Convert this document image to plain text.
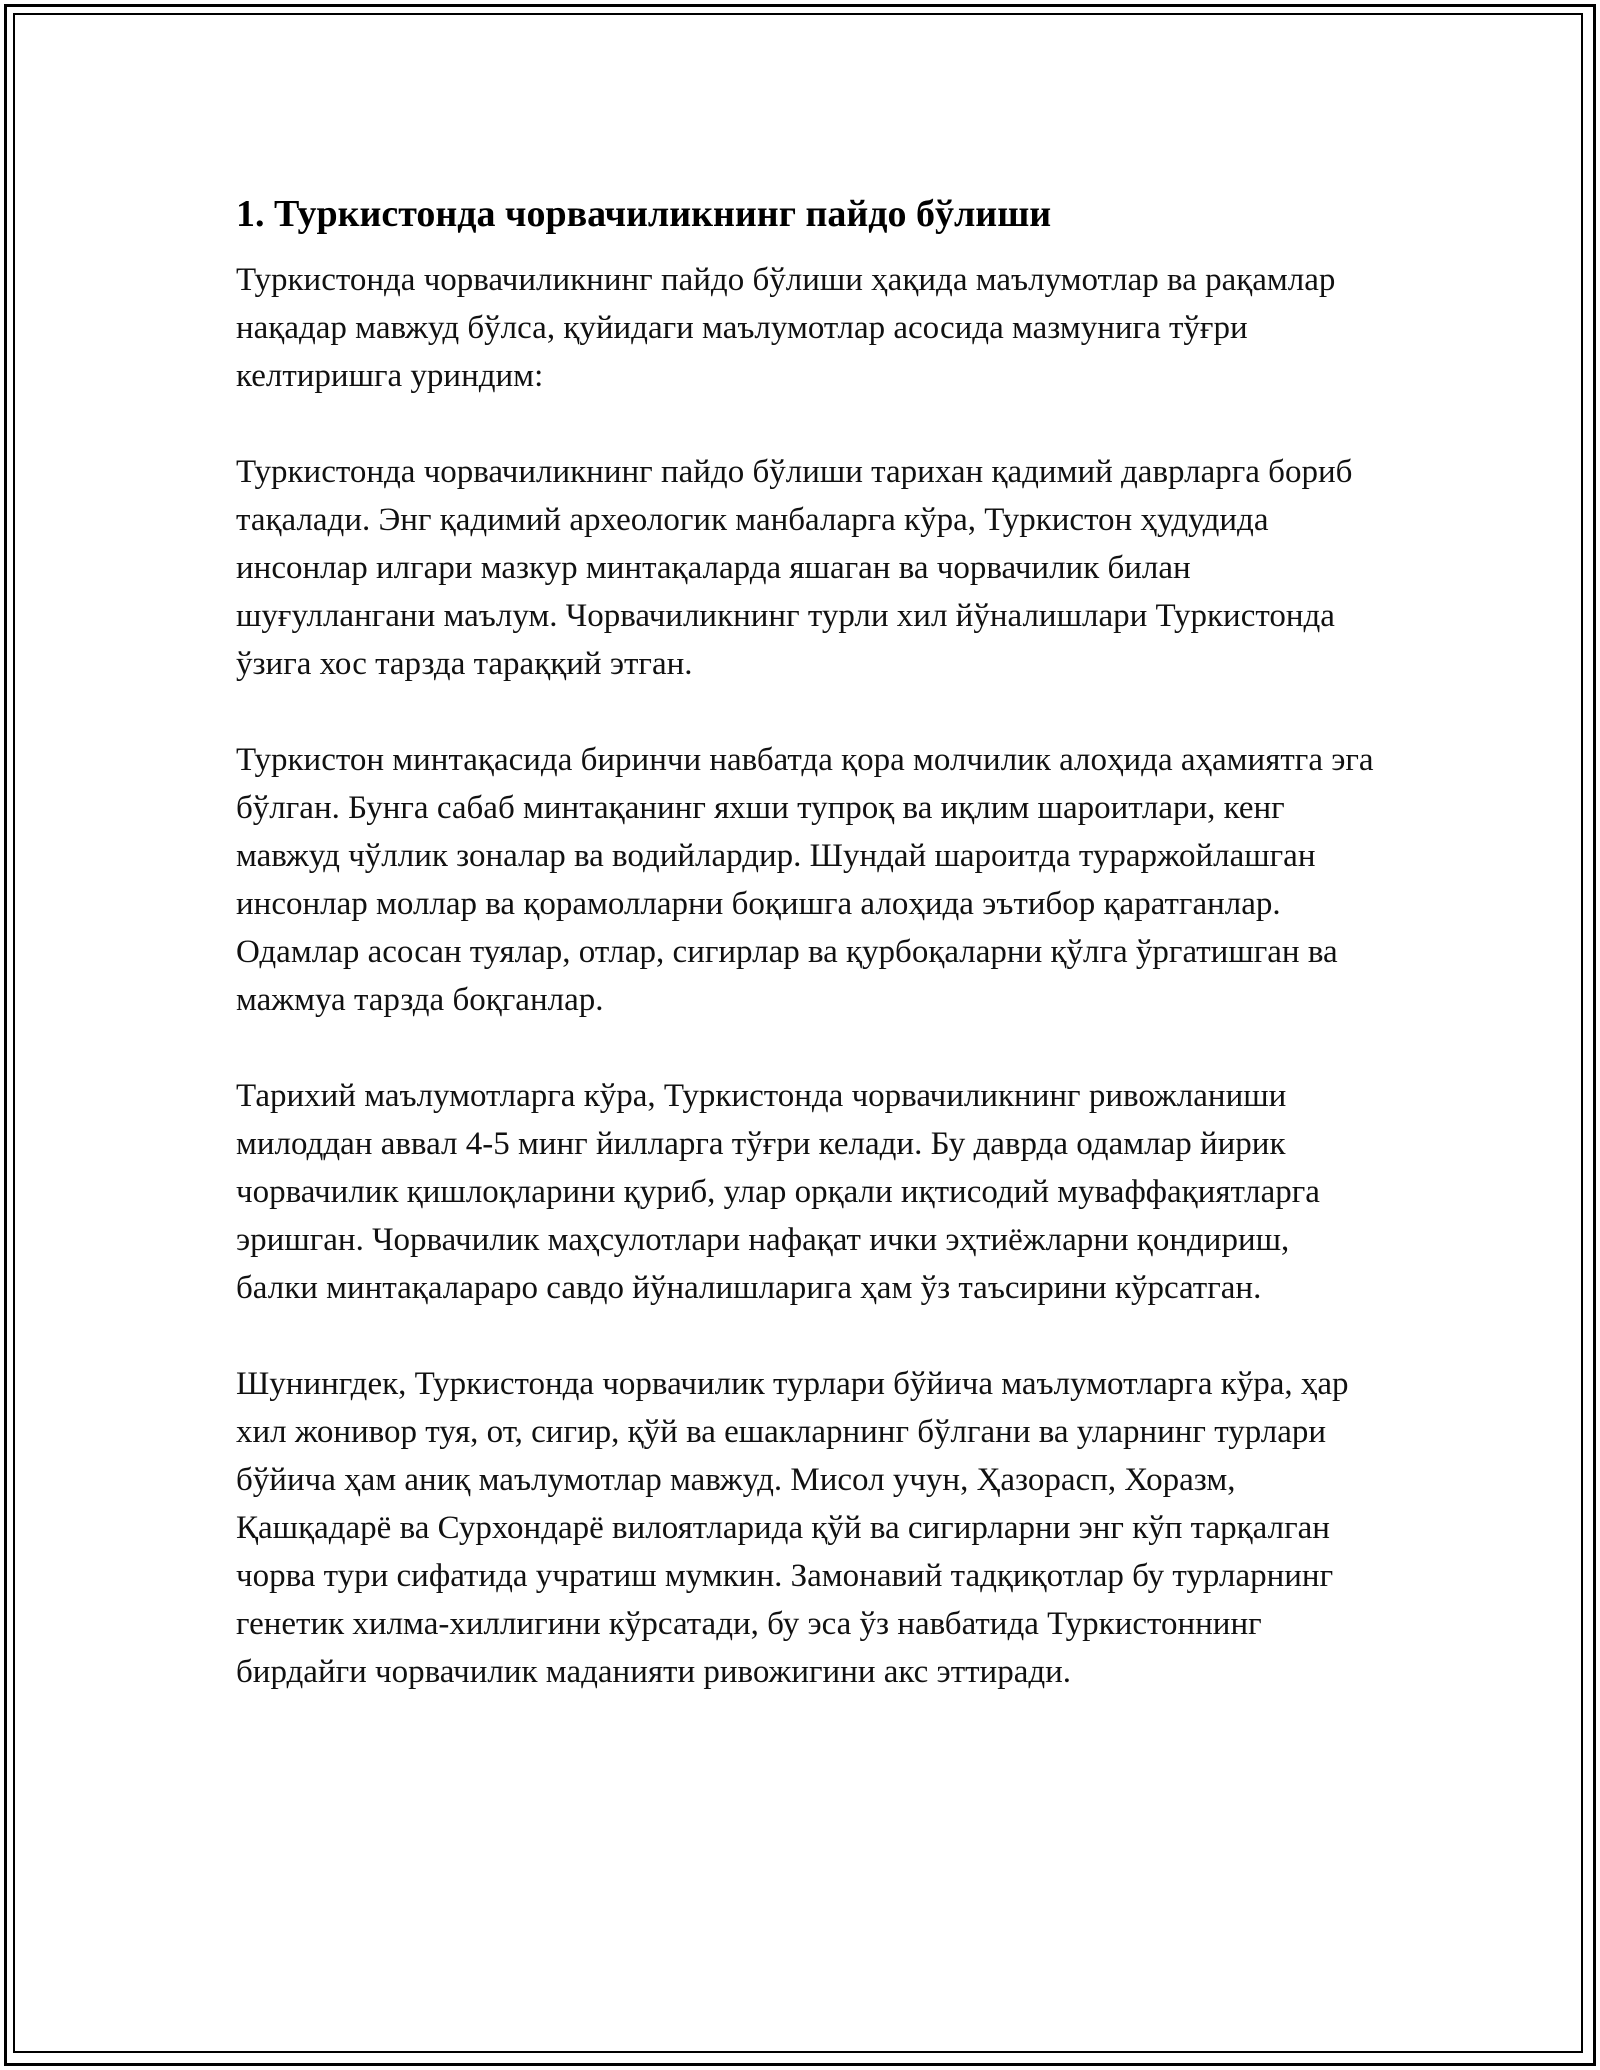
1. Туркистонда чорвачиликнинг пайдо бўлиши

Туркистонда чорвачиликнинг пайдо бўлиши ҳақида маълумотлар ва рақамлар нақадар мавжуд бўлса, қуйидаги маълумотлар асосида мазмунига тўғри келтиришга уриндим:

Туркистонда чорвачиликнинг пайдо бўлиши тарихан қадимий даврларга бориб тақалади. Энг қадимий археологик манбаларга кўра, Туркистон ҳудудида инсонлар илгари мазкур минтақаларда яшаган ва чорвачилик билан шуғуллангани маълум. Чорвачиликнинг турли хил йўналишлари Туркистонда ўзига хос тарзда тараққий этган.

Туркистон минтақасида биринчи навбатда қора молчилик алоҳида аҳамиятга эга бўлган. Бунга сабаб минтақанинг яхши тупроқ ва иқлим шароитлари, кенг мавжуд чўллик зоналар ва водийлардир. Шундай шароитда тураржойлашган инсонлар моллар ва қорамолларни боқишга алоҳида эътибор қаратганлар. Одамлар асосан туялар, отлар, сигирлар ва қурбоқаларни қўлга ўргатишган ва мажмуа тарзда боқганлар.

Тарихий маълумотларга кўра, Туркистонда чорвачиликнинг ривожланиши милоддан аввал 4-5 минг йилларга тўғри келади. Бу даврда одамлар йирик чорвачилик қишлоқларини қуриб, улар орқали иқтисодий муваффақиятларга эришган. Чорвачилик маҳсулотлари нафақат ички эҳтиёжларни қондириш, балки минтақалараро савдо йўналишларига ҳам ўз таъсирини кўрсатган.

Шунингдек, Туркистонда чорвачилик турлари бўйича маълумотларга кўра, ҳар хил жонивор туя, от, сигир, қўй ва ешакларнинг бўлгани ва уларнинг турлари бўйича ҳам аниқ маълумотлар мавжуд. Мисол учун, Ҳазорасп, Хоразм, Қашқадарё ва Сурхондарё вилоятларида қўй ва сигирларни энг кўп тарқалган чорва тури сифатида учратиш мумкин. Замонавий тадқиқотлар бу турларнинг генетик хилма-хиллигини кўрсатади, бу эса ўз навбатида Туркистоннинг бирдайги чорвачилик маданияти ривожигини акс эттиради.
